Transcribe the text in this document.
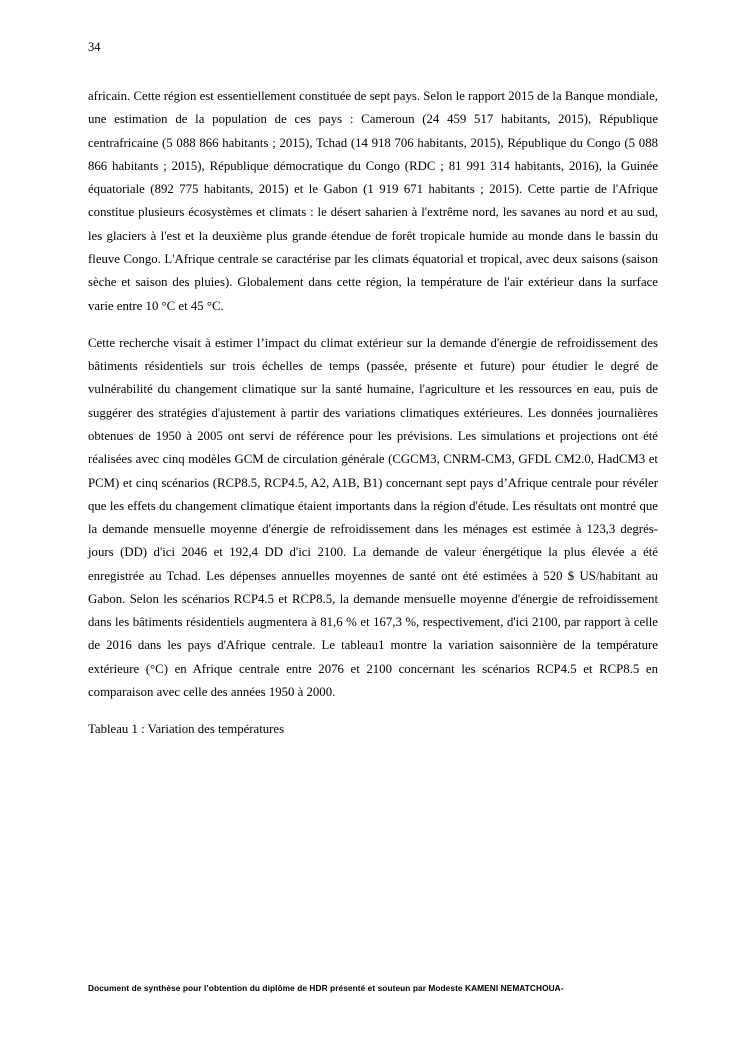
34

africain. Cette région est essentiellement constituée de sept pays. Selon le rapport 2015 de la Banque mondiale, une estimation de la population de ces pays : Cameroun (24 459 517 habitants, 2015), République centrafricaine (5 088 866 habitants ; 2015), Tchad (14 918 706 habitants, 2015), République du Congo (5 088 866 habitants ; 2015), République démocratique du Congo (RDC ; 81 991 314 habitants, 2016), la Guinée équatoriale (892 775 habitants, 2015) et le Gabon (1 919 671 habitants ; 2015). Cette partie de l'Afrique constitue plusieurs écosystèmes et climats : le désert saharien à l'extrême nord, les savanes au nord et au sud, les glaciers à l'est et la deuxième plus grande étendue de forêt tropicale humide au monde dans le bassin du fleuve Congo. L'Afrique centrale se caractérise par les climats équatorial et tropical, avec deux saisons (saison sèche et saison des pluies). Globalement dans cette région, la température de l'air extérieur dans la surface varie entre 10 °C et 45 °C.

Cette recherche visait à estimer l’impact du climat extérieur sur la demande d'énergie de refroidissement des bâtiments résidentiels sur trois échelles de temps (passée, présente et future) pour étudier le degré de vulnérabilité du changement climatique sur la santé humaine, l'agriculture et les ressources en eau, puis de suggérer des stratégies d'ajustement à partir des variations climatiques extérieures. Les données journalières obtenues de 1950 à 2005 ont servi de référence pour les prévisions. Les simulations et projections ont été réalisées avec cinq modèles GCM de circulation générale (CGCM3, CNRM-CM3, GFDL CM2.0, HadCM3 et PCM) et cinq scénarios (RCP8.5, RCP4.5, A2, A1B, B1) concernant sept pays d’Afrique centrale pour révéler que les effets du changement climatique étaient importants dans la région d'étude. Les résultats ont montré que la demande mensuelle moyenne d'énergie de refroidissement dans les ménages est estimée à 123,3 degrés-jours (DD) d'ici 2046 et 192,4 DD d'ici 2100. La demande de valeur énergétique la plus élevée a été enregistrée au Tchad. Les dépenses annuelles moyennes de santé ont été estimées à 520 $ US/habitant au Gabon. Selon les scénarios RCP4.5 et RCP8.5, la demande mensuelle moyenne d'énergie de refroidissement dans les bâtiments résidentiels augmentera à 81,6 % et 167,3 %, respectivement, d'ici 2100, par rapport à celle de 2016 dans les pays d'Afrique centrale. Le tableau1 montre la variation saisonnière de la température extérieure (°C) en Afrique centrale entre 2076 et 2100 concernant les scénarios RCP4.5 et RCP8.5 en comparaison avec celle des années 1950 à 2000.

Tableau 1 : Variation des températures

Document de synthèse pour l’obtention du diplôme de HDR présenté et souteun par Modeste KAMENI NEMATCHOUA-
